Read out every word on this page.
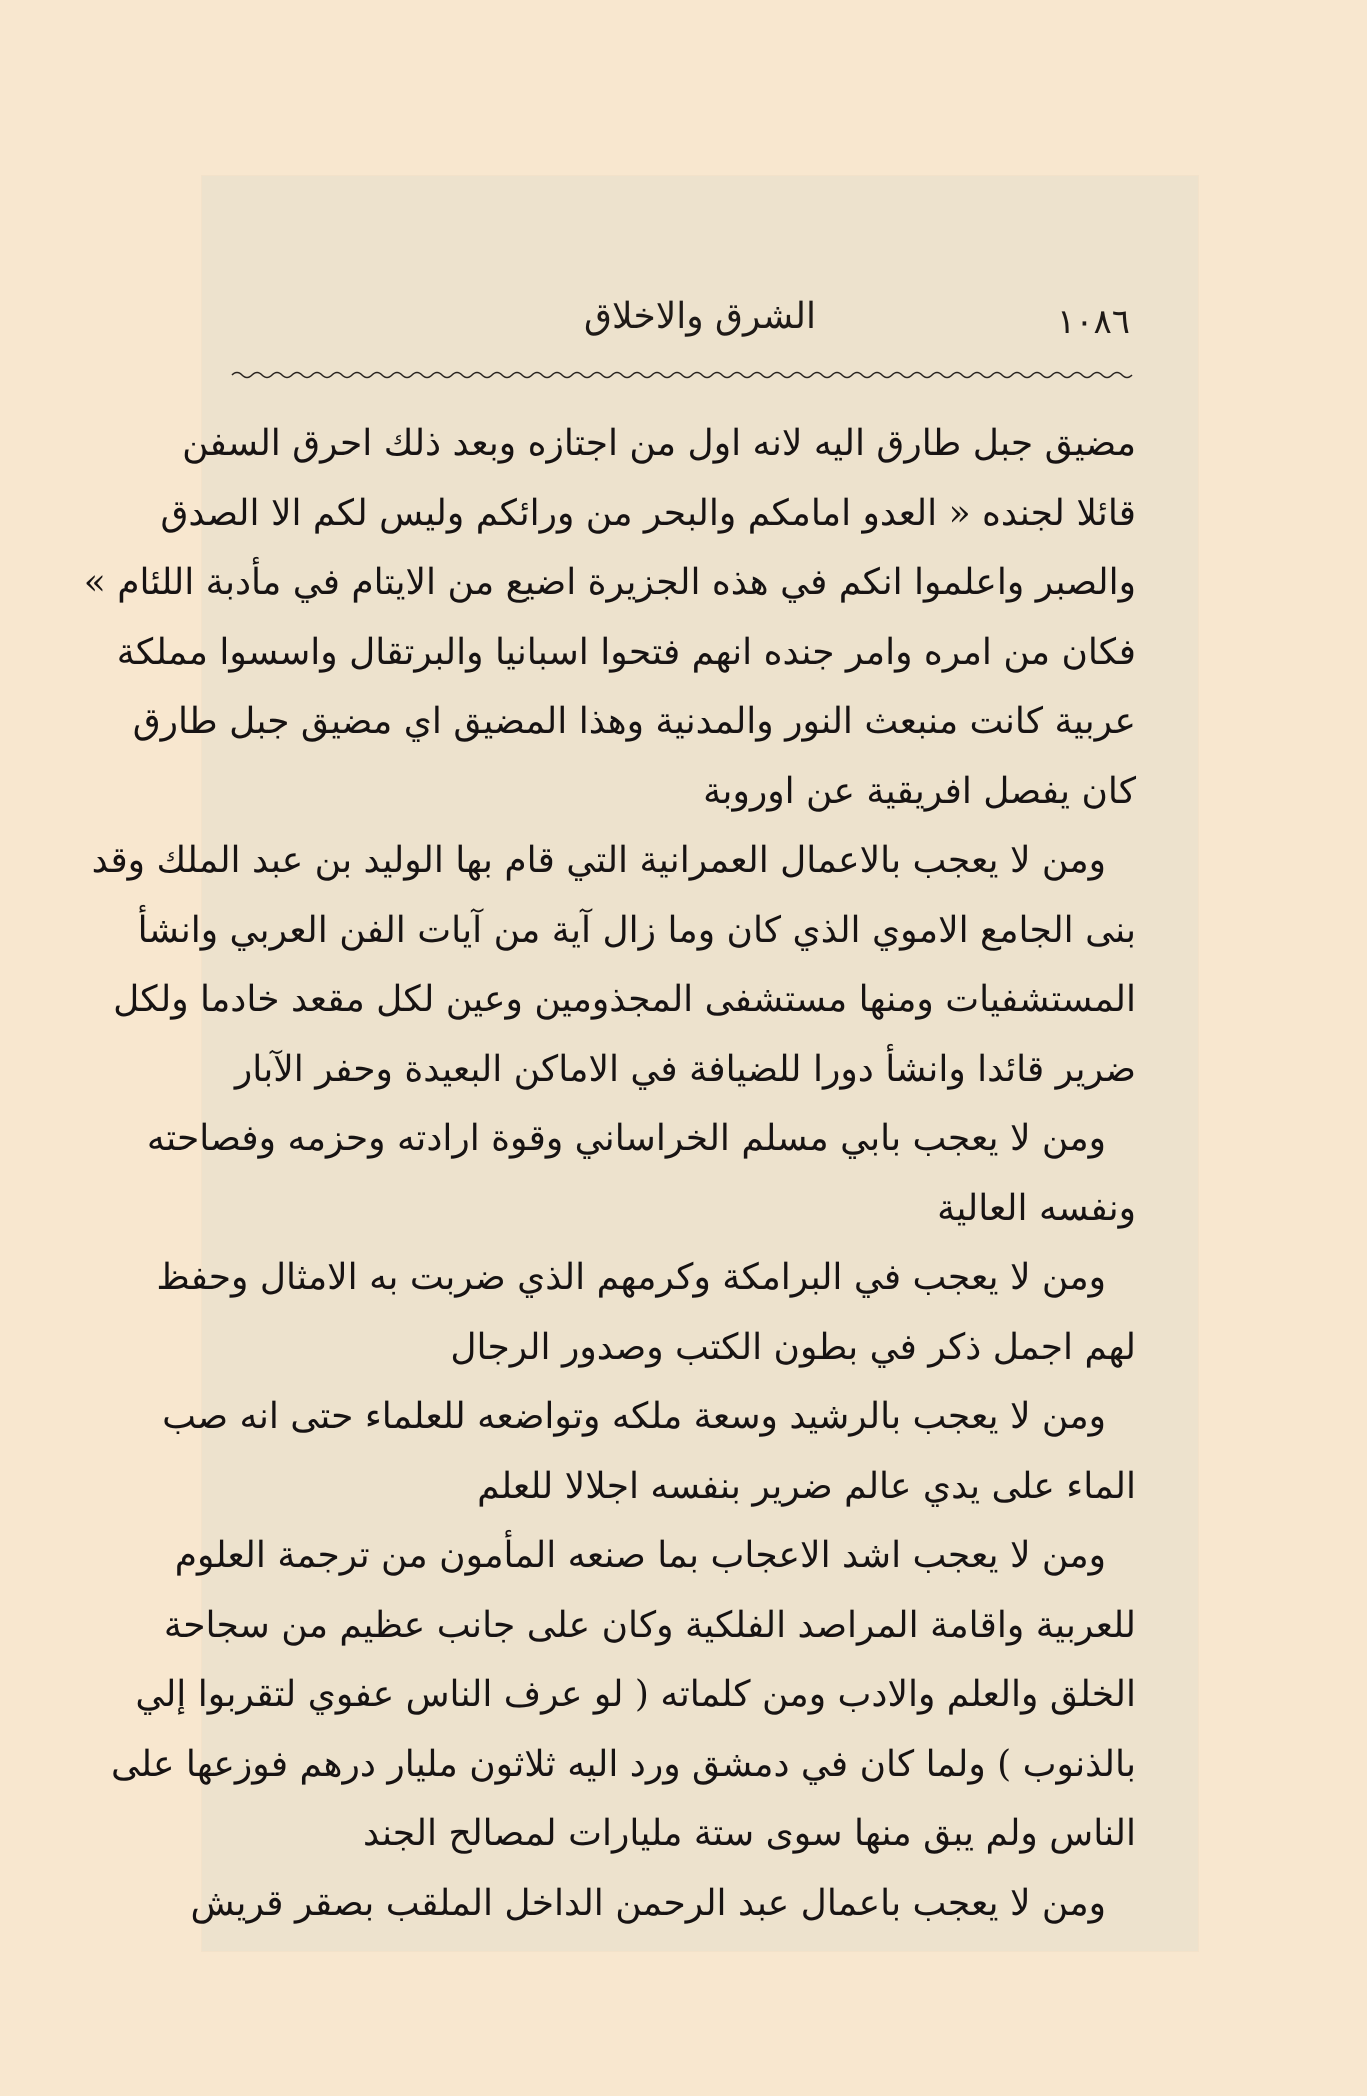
١٠٨٦
الشرق والاخلاق
مضيق جبل طارق اليه لانه اول من اجتازه وبعد ذلك احرق السفن
قائلا لجنده « العدو امامكم والبحر من ورائكم وليس لكم الا الصدق
والصبر واعلموا انكم في هذه الجزيرة اضيع من الايتام في مأدبة اللئام »
فكان من امره وامر جنده انهم فتحوا اسبانيا والبرتقال واسسوا مملكة
عربية كانت منبعث النور والمدنية وهذا المضيق اي مضيق جبل طارق
كان يفصل افريقية عن اوروبة
ومن لا يعجب بالاعمال العمرانية التي قام بها الوليد بن عبد الملك وقد
بنى الجامع الاموي الذي كان وما زال آية من آيات الفن العربي وانشأ
المستشفيات ومنها مستشفى المجذومين وعين لكل مقعد خادما ولكل
ضرير قائدا وانشأ دورا للضيافة في الاماكن البعيدة وحفر الآبار
ومن لا يعجب بابي مسلم الخراساني وقوة ارادته وحزمه وفصاحته
ونفسه العالية
ومن لا يعجب في البرامكة وكرمهم الذي ضربت به الامثال وحفظ
لهم اجمل ذكر في بطون الكتب وصدور الرجال
ومن لا يعجب بالرشيد وسعة ملكه وتواضعه للعلماء حتى انه صب
الماء على يدي عالم ضرير بنفسه اجلالا للعلم
ومن لا يعجب اشد الاعجاب بما صنعه المأمون من ترجمة العلوم
للعربية واقامة المراصد الفلكية وكان على جانب عظيم من سجاحة
الخلق والعلم والادب ومن كلماته ( لو عرف الناس عفوي لتقربوا إلي
بالذنوب ) ولما كان في دمشق ورد اليه ثلاثون مليار درهم فوزعها على
الناس ولم يبق منها سوى ستة مليارات لمصالح الجند
ومن لا يعجب باعمال عبد الرحمن الداخل الملقب بصقر قريش
